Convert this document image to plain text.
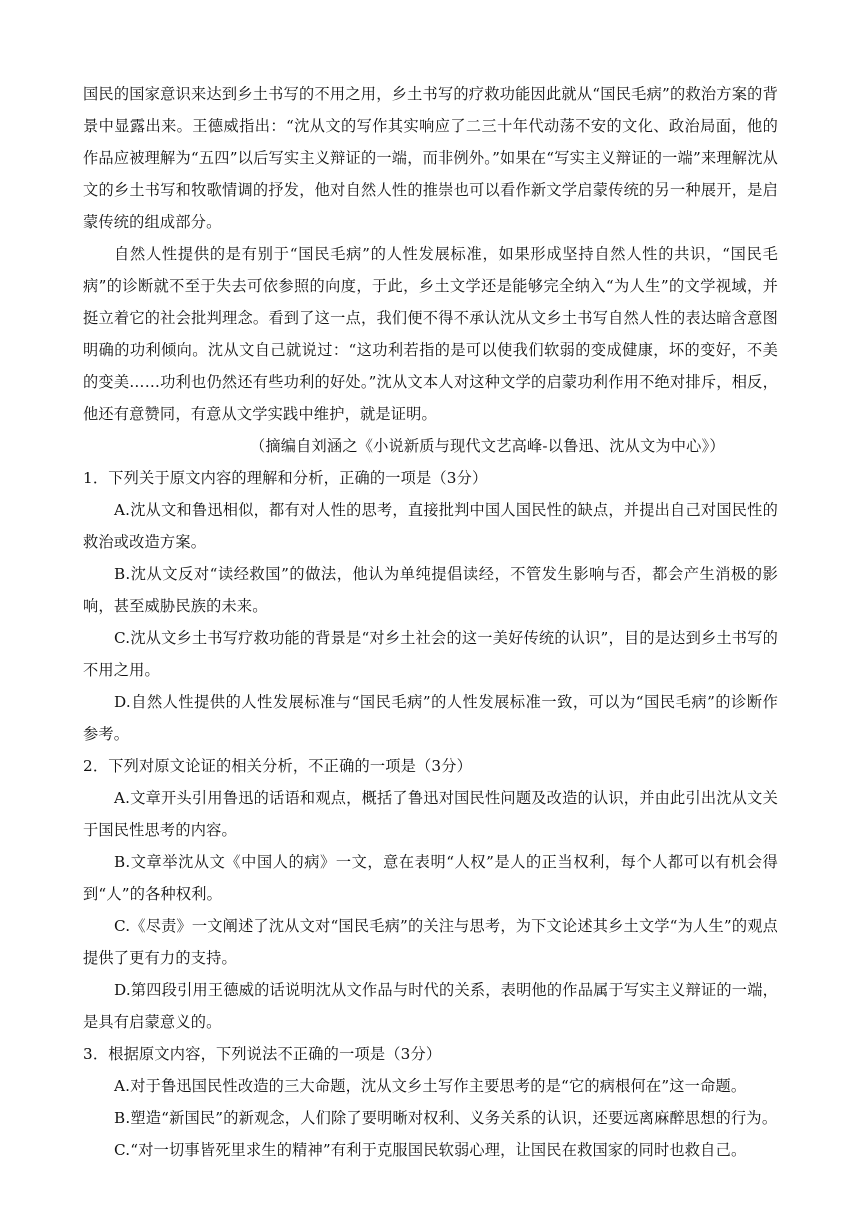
国民的国家意识来达到乡土书写的不用之用，乡土书写的疗救功能因此就从“国民毛病”的救治方案的背景中显露出来。王德威指出：“沈从文的写作其实响应了二三十年代动荡不安的文化、政治局面，他的作品应被理解为“五四”以后写实主义辩证的一端，而非例外。”如果在“写实主义辩证的一端”来理解沈从文的乡土书写和牧歌情调的抒发，他对自然人性的推崇也可以看作新文学启蒙传统的另一种展开，是启蒙传统的组成部分。
自然人性提供的是有别于“国民毛病”的人性发展标准，如果形成坚持自然人性的共识，“国民毛病”的诊断就不至于失去可依参照的向度，于此，乡土文学还是能够完全纳入“为人生”的文学视域，并挺立着它的社会批判理念。看到了这一点，我们便不得不承认沈从文乡土书写自然人性的表达暗含意图明确的功利倾向。沈从文自己就说过：“这功利若指的是可以使我们软弱的变成健康，坏的变好，不美的变美……功利也仍然还有些功利的好处。”沈从文本人对这种文学的启蒙功利作用不绝对排斥，相反，他还有意赞同，有意从文学实践中维护，就是证明。
（摘编自刘涵之《小说新质与现代文艺高峰-以鲁迅、沈从文为中心》）
1．下列关于原文内容的理解和分析，正确的一项是（3分）
A.沈从文和鲁迅相似，都有对人性的思考，直接批判中国人国民性的缺点，并提出自己对国民性的救治或改造方案。
B.沈从文反对“读经救国”的做法，他认为单纯提倡读经，不管发生影响与否，都会产生消极的影响，甚至威胁民族的未来。
C.沈从文乡土书写疗救功能的背景是“对乡土社会的这一美好传统的认识”，目的是达到乡土书写的不用之用。
D.自然人性提供的人性发展标准与“国民毛病”的人性发展标准一致，可以为“国民毛病”的诊断作参考。
2．下列对原文论证的相关分析，不正确的一项是（3分）
A.文章开头引用鲁迅的话语和观点，概括了鲁迅对国民性问题及改造的认识，并由此引出沈从文关于国民性思考的内容。
B.文章举沈从文《中国人的病》一文，意在表明“人权”是人的正当权利，每个人都可以有机会得到“人”的各种权利。
C.《尽责》一文阐述了沈从文对“国民毛病”的关注与思考，为下文论述其乡土文学“为人生”的观点提供了更有力的支持。
D.第四段引用王德威的话说明沈从文作品与时代的关系，表明他的作品属于写实主义辩证的一端，是具有启蒙意义的。
3．根据原文内容，下列说法不正确的一项是（3分）
A.对于鲁迅国民性改造的三大命题，沈从文乡土写作主要思考的是“它的病根何在”这一命题。
B.塑造“新国民”的新观念，人们除了要明晰对权利、义务关系的认识，还要远离麻醉思想的行为。
C.“对一切事皆死里求生的精神”有利于克服国民软弱心理，让国民在救国家的同时也救自己。
